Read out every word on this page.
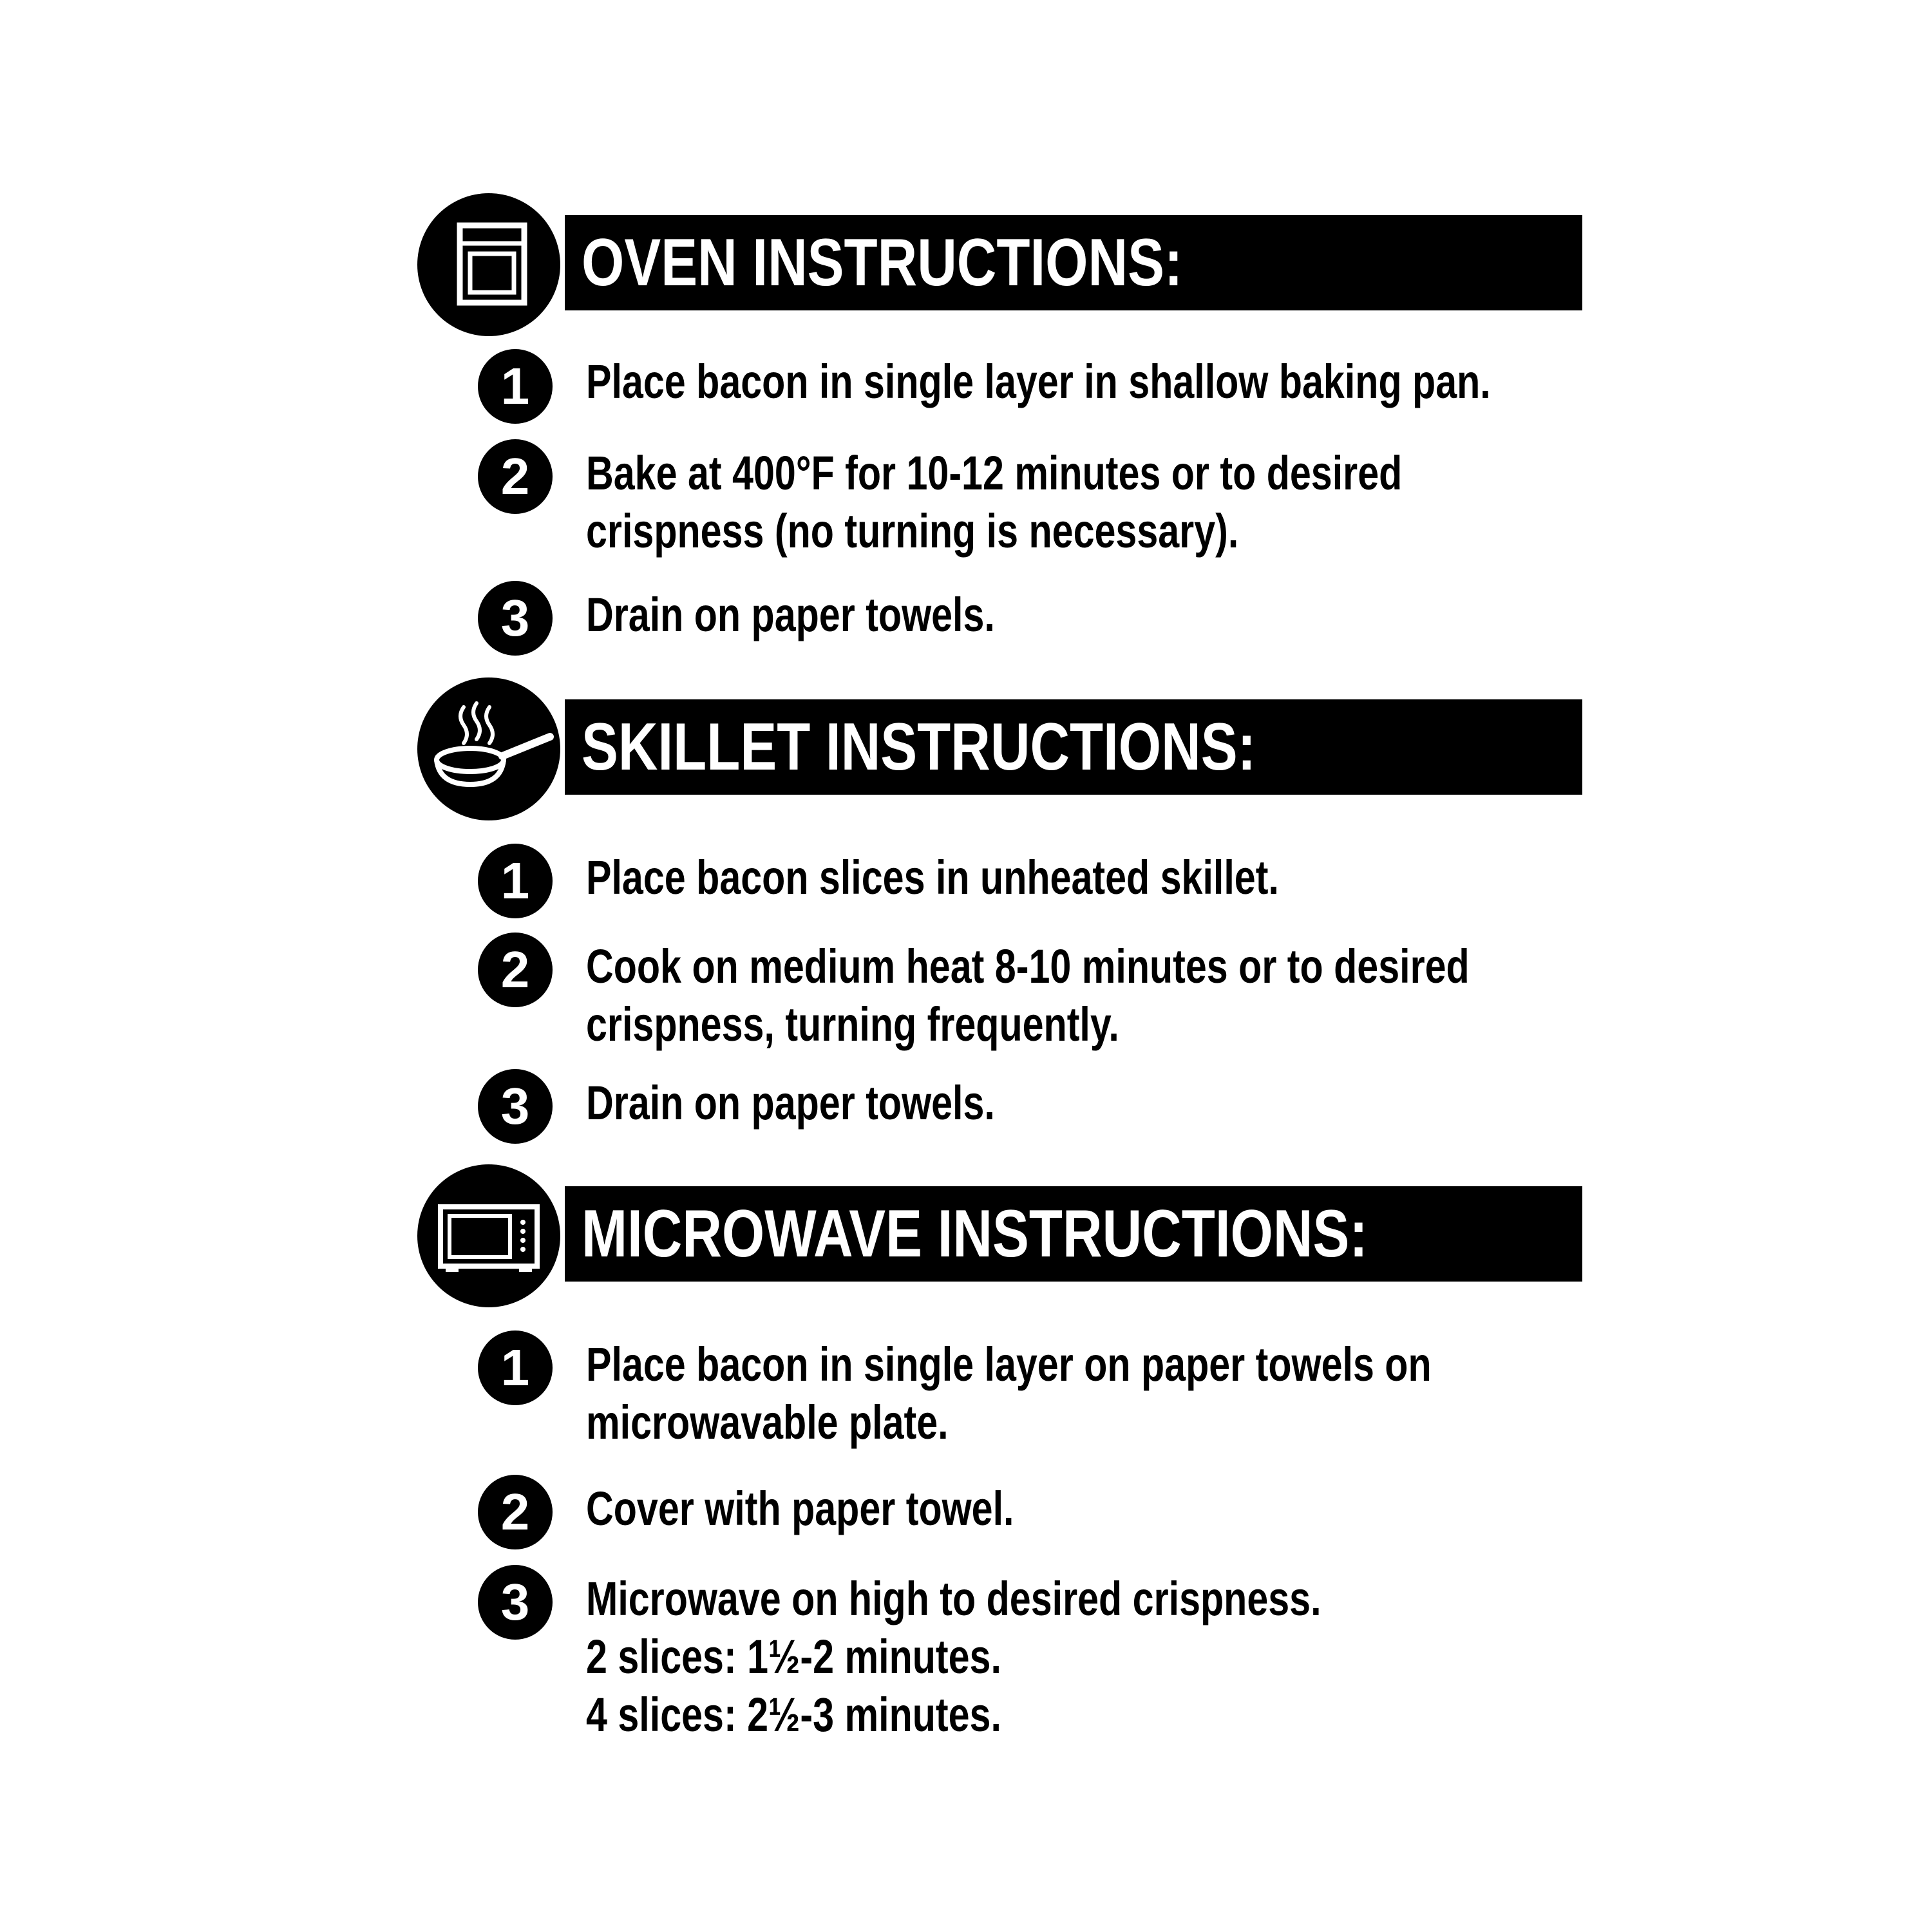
OVEN INSTRUCTIONS:
1	Place bacon in single layer in shallow baking pan.
2	Bake at 400°F for 10-12 minutes or to desired
crispness (no turning is necessary).
3	Drain on paper towels.
SKILLET INSTRUCTIONS:
1	Place bacon slices in unheated skillet.
2	Cook on medium heat 8-10 minutes or to desired
crispness, turning frequently.
3	Drain on paper towels.
MICROWAVE INSTRUCTIONS:
1	Place bacon in single layer on paper towels on
microwavable plate.
2	Cover with paper towel.
3	Microwave on high to desired crispness.
2 slices: 1½-2 minutes.
4 slices: 2½-3 minutes.
